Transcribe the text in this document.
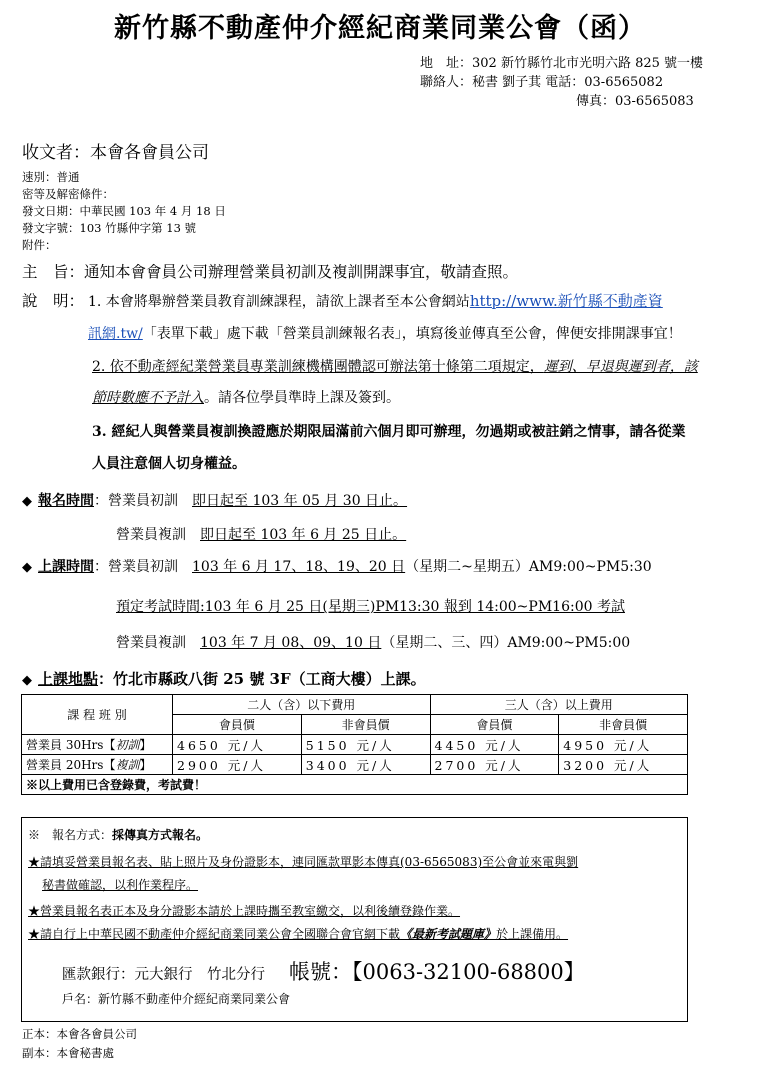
新竹縣不動產仲介經紀商業同業公會（函）
地　址：302 新竹縣竹北市光明六路 825 號一樓
聯絡人：秘書 劉子萁 電話：03-6565082
傳真：03-6565083
收文者：本會各會員公司
速別：普通
密等及解密條件：
發文日期：中華民國 103 年 4 月 18 日
發文字號：103 竹縣仲字第 13 號
附件：
主　旨：通知本會會員公司辦理營業員初訓及複訓開課事宜，敬請查照。
說　明： 1. 本會將舉辦營業員教育訓練課程，請欲上課者至本公會網站http://www.新竹縣不動產資
訊網.tw/「表單下載」處下載「營業員訓練報名表」，填寫後並傳真至公會，俾便安排開課事宜！
2. 依不動產經紀業營業員專業訓練機構團體認可辦法第十條第二項規定，遲到、早退與遲到者，該
節時數應不予計入。請各位學員準時上課及簽到。
3. 經紀人與營業員複訓換證應於期限屆滿前六個月即可辦理，勿過期或被註銷之情事，請各從業
人員注意個人切身權益。
◆ 報名時間：營業員初訓　 即日起至 103 年 05 月 30 日止。
營業員複訓　 即日起至 103 年 6 月 25 日止。
◆ 上課時間：營業員初訓　 103 年 6 月 17、18、19、20 日（星期二~星期五）AM9:00~PM5:30
預定考試時間:103 年 6 月 25 日(星期三)PM13:30 報到 14:00~PM16:00 考試
營業員複訓　 103 年 7 月 08、09、10 日（星期二、三、四）AM9:00~PM5:00
◆ 上課地點：竹北市縣政八街 25 號 3F（工商大樓）上課。
課 程 班 別	二人（含）以下費用		三人（含）以上費用	
	會員價	非會員價	會員價	非會員價
營業員 30Hrs【初訓】	4650 元/人	5150 元/人	4450 元/人	4950 元/人
營業員 20Hrs【複訓】	2900 元/人	3400 元/人	2700 元/人	3200 元/人
※以上費用已含登錄費，考試費！				
※　報名方式：採傳真方式報名。
★請填妥營業員報名表、貼上照片及身份證影本，連同匯款單影本傳真(03-6565083)至公會並來電與劉
秘書做確認，以利作業程序。
★營業員報名表正本及身分證影本請於上課時攜至教室繳交，以利後續登錄作業。
★請自行上中華民國不動產仲介經紀商業同業公會全國聯合會官網下載《最新考試題庫》於上課備用。
匯款銀行：元大銀行　竹北分行　　 帳號：【0063-32100-68800】
戶名：新竹縣不動產仲介經紀商業同業公會
正本：本會各會員公司
副本：本會秘書處
